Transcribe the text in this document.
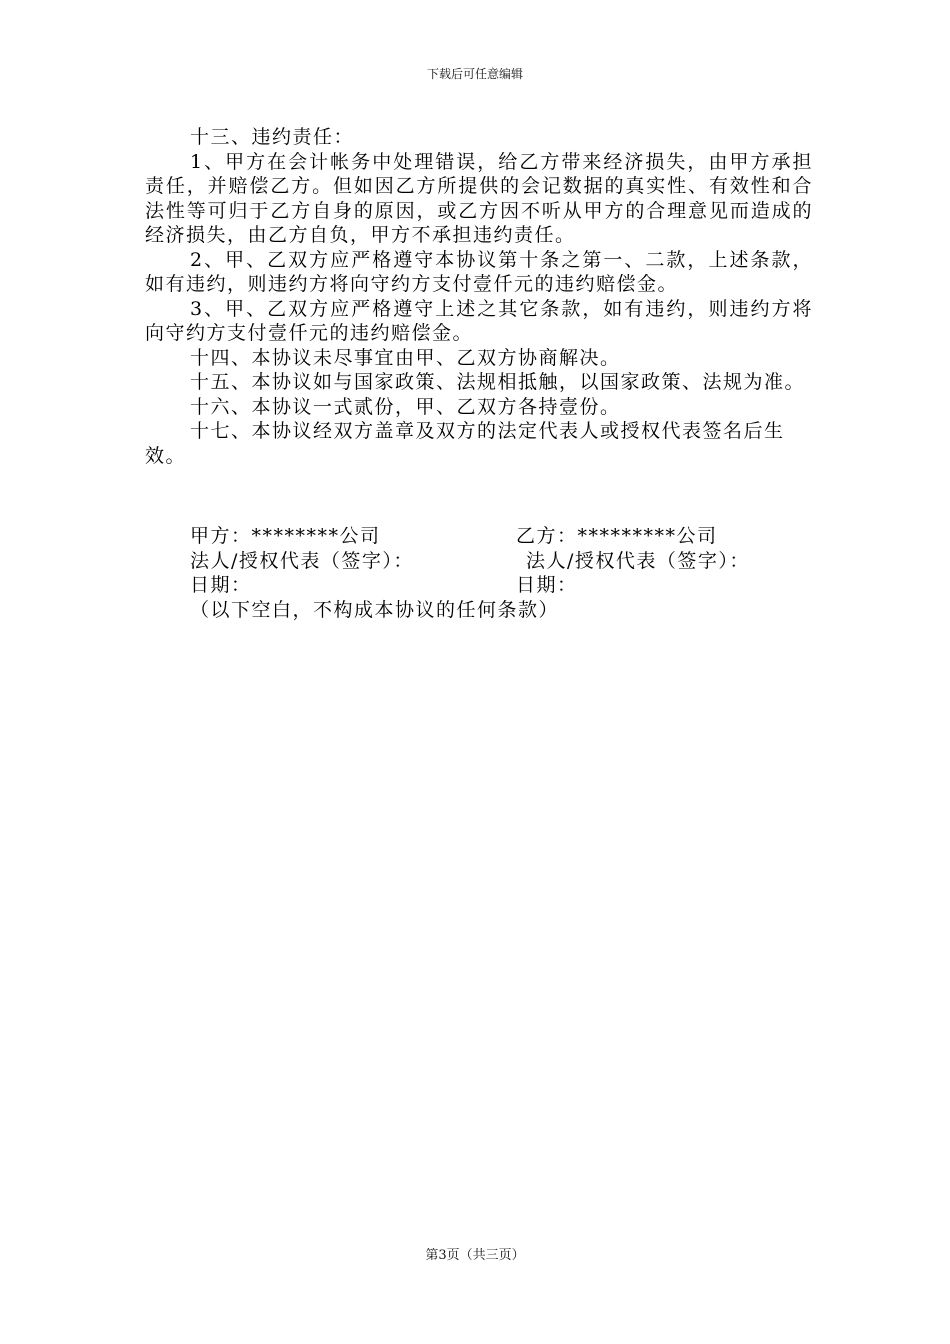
下载后可任意编辑

十三、违约责任：

1、甲方在会计帐务中处理错误，给乙方带来经济损失，由甲方承担责任，并赔偿乙方。但如因乙方所提供的会记数据的真实性、有效性和合法性等可归于乙方自身的原因，或乙方因不听从甲方的合理意见而造成的经济损失，由乙方自负，甲方不承担违约责任。

2、甲、乙双方应严格遵守本协议第十条之第一、二款，上述条款，如有违约，则违约方将向守约方支付壹仟元的违约赔偿金。

3、甲、乙双方应严格遵守上述之其它条款，如有违约，则违约方将向守约方支付壹仟元的违约赔偿金。

十四、本协议未尽事宜由甲、乙双方协商解决。

十五、本协议如与国家政策、法规相抵触，以国家政策、法规为准。

十六、本协议一式贰份，甲、乙双方各持壹份。

十七、本协议经双方盖章及双方的法定代表人或授权代表签名后生效。

甲方：********公司	乙方：*********公司
法人/授权代表（签字）：	法人/授权代表（签字）：
日期：	日期：
（以下空白，不构成本协议的任何条款）
第3页（共三页）
